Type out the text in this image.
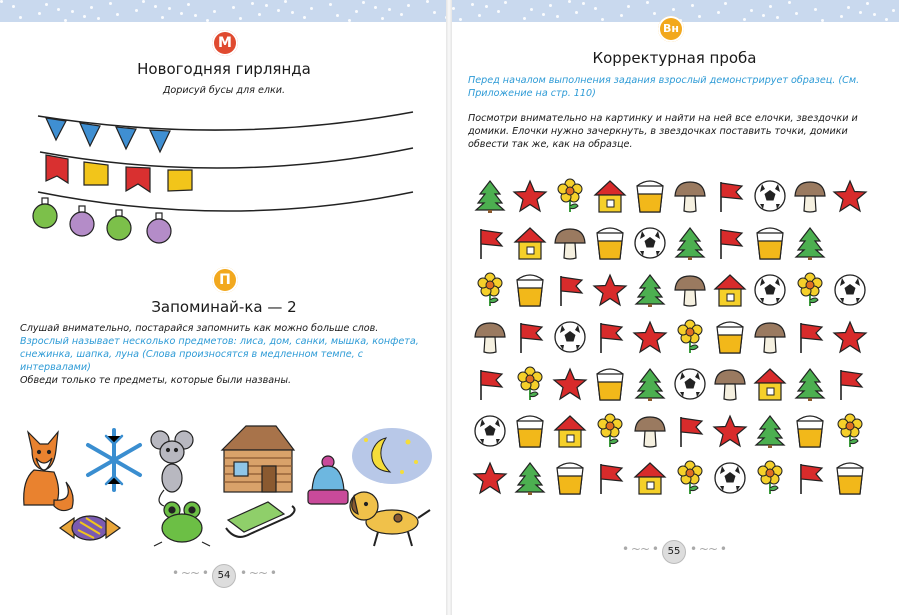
М
Новогодняя гирлянда
Дорисуй бусы для елки.
П
Запоминай-ка — 2
Слушай внимательно, постарайся запомнить как можно больше слов.
Взрослый называет несколько предметов: лиса, дом, санки, мышка, конфета, снежинка, шапка, луна (Слова произносятся в медленном темпе, с интервалами)
Обведи только те предметы, которые были названы.
• ~~ • 54 • ~~ •
Вн
Корректурная проба
Перед началом выполнения задания взрослый демонстрирует образец. (См. Приложение на стр. 110)
Посмотри внимательно на картинку и найти на ней все елочки, звездочки и домики. Елочки нужно зачеркнуть, в звездочках поставить точки, домики обвести так же, как на образце.
• ~~ • 55 • ~~ •
